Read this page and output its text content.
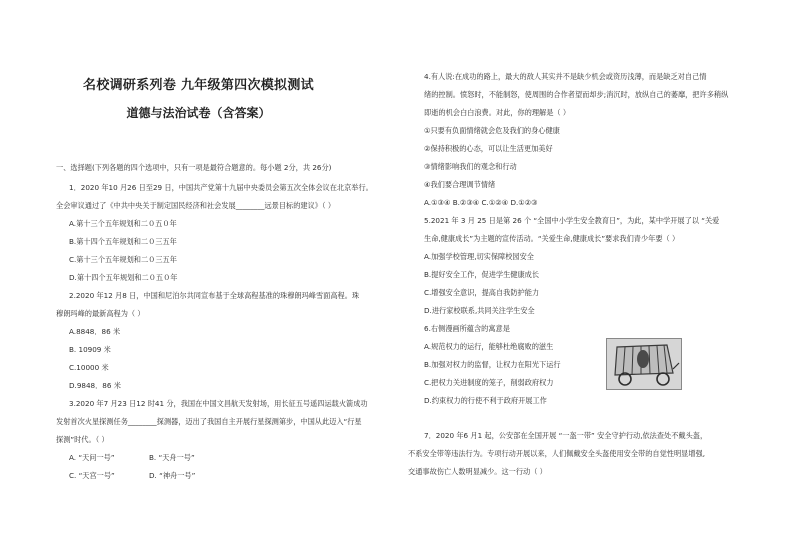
名校调研系列卷 九年级第四次模拟测试
道德与法治试卷（含答案）
一、选择题(下列各题的四个选项中，只有一项是最符合题意的。每小题 2分，共 26分)
1．2020 年10 月26 日至29 日，中国共产党第十九届中央委员会第五次全体会议在北京举行。
全会审议通过了《中共中央关于制定国民经济和社会发展________远景目标的建议》（ ）
A.第十三个五年规划和二０五０年
B.第十四个五年规划和二０三五年
C.第十三个五年规划和二０三五年
D.第十四个五年规划和二０五０年
2.2020 年12 月8 日，中国和尼泊尔共同宣布基于全球高程基准的珠穆朗玛峰雪面高程。珠
穆朗玛峰的最新高程为（ ）
A.8848．86 米
B. 10909 米
C.10000 米
D.9848．86 米
3.2020 年7 月23 日12 时41 分，我国在中国文昌航天发射场，用长征五号遥四运载火箭成功
发射首次火星探测任务________探测器，迈出了我国自主开展行星探测第步，中国从此迈入“行星
探测”时代。（ ）
A. “天问一号”	B. “天舟一号”
C. “天宫一号”	D. “神舟一号”
4.有人说:在成功的路上，最大的敌人其实并不是缺少机会或资历浅薄，而是缺乏对自己情
绪的控制。愤怒时，不能制怒，使周围的合作者望而却步;消沉时，放纵自己的萎靡，把许多稍纵
即逝的机会白白浪费。对此，你的理解是（ ）
①只要有负面情绪就会危及我们的身心健康
②保持积极的心态，可以让生活更加美好
③情绪影响我们的观念和行动
④我们要合理调节情绪
A.①③④ B.②③④ C.①②④ D.①②③
5.2021 年 3 月 25 日是第 26 个 “全国中小学生安全教育日”，为此，某中学开展了以 “关爱
生命,健康成长”为主题的宣传活动。“关爱生命,健康成长”要求我们青少年要（ ）
A.加强学校管理,切实保障校园安全
B.提好安全工作，促进学生健康成长
C.增强安全意识，提高自我防护能力
D.进行家校联系,共同关注学生安全
6.右侧漫画所蕴含的寓意是
A.规范权力的运行，能够杜绝腐败的滋生
B.加强对权力的监督，让权力在阳光下运行
C.把权力关进制度的笼子，削弱政府权力
D.约束权力的行使不利于政府开展工作
7．2020 年6 月1 起，公安部在全国开展 “一盔一带” 安全守护行动,依法查处不戴头盔，
不系安全带等违法行为。专项行动开展以来，人们佩戴安全头盔使用安全带的自觉性明显增强,
交通事故伤亡人数明显减少。这一行动（ ）
